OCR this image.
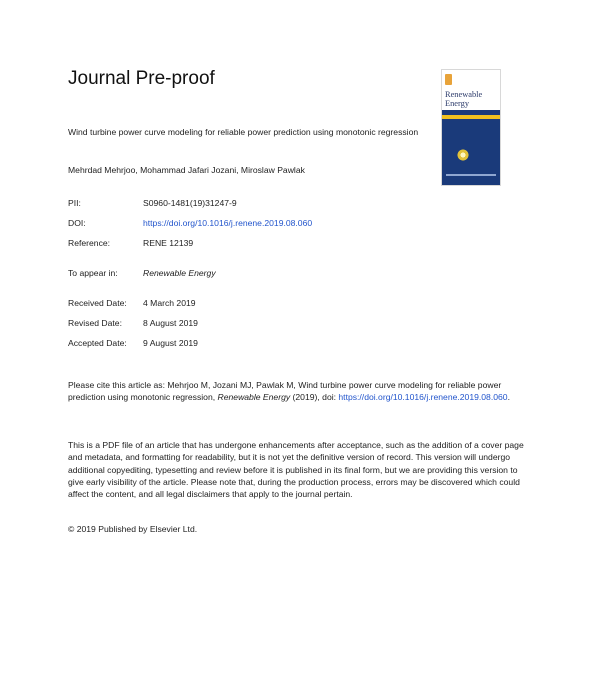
Journal Pre-proof
Renewable Energy
Wind turbine power curve modeling for reliable power prediction using monotonic regression
Mehrdad Mehrjoo, Mohammad Jafari Jozani, Miroslaw Pawlak
PII:	S0960-1481(19)31247-9
DOI:	https://doi.org/10.1016/j.renene.2019.08.060
Reference:	RENE 12139
To appear in:	Renewable Energy
Received Date: 4 March 2019
Revised Date: 8 August 2019
Accepted Date: 9 August 2019
Please cite this article as: Mehrjoo M, Jozani MJ, Pawlak M, Wind turbine power curve modeling for reliable power prediction using monotonic regression, Renewable Energy (2019), doi: https://doi.org/10.1016/j.renene.2019.08.060.
This is a PDF file of an article that has undergone enhancements after acceptance, such as the addition of a cover page and metadata, and formatting for readability, but it is not yet the definitive version of record. This version will undergo additional copyediting, typesetting and review before it is published in its final form, but we are providing this version to give early visibility of the article. Please note that, during the production process, errors may be discovered which could affect the content, and all legal disclaimers that apply to the journal pertain.
© 2019 Published by Elsevier Ltd.
